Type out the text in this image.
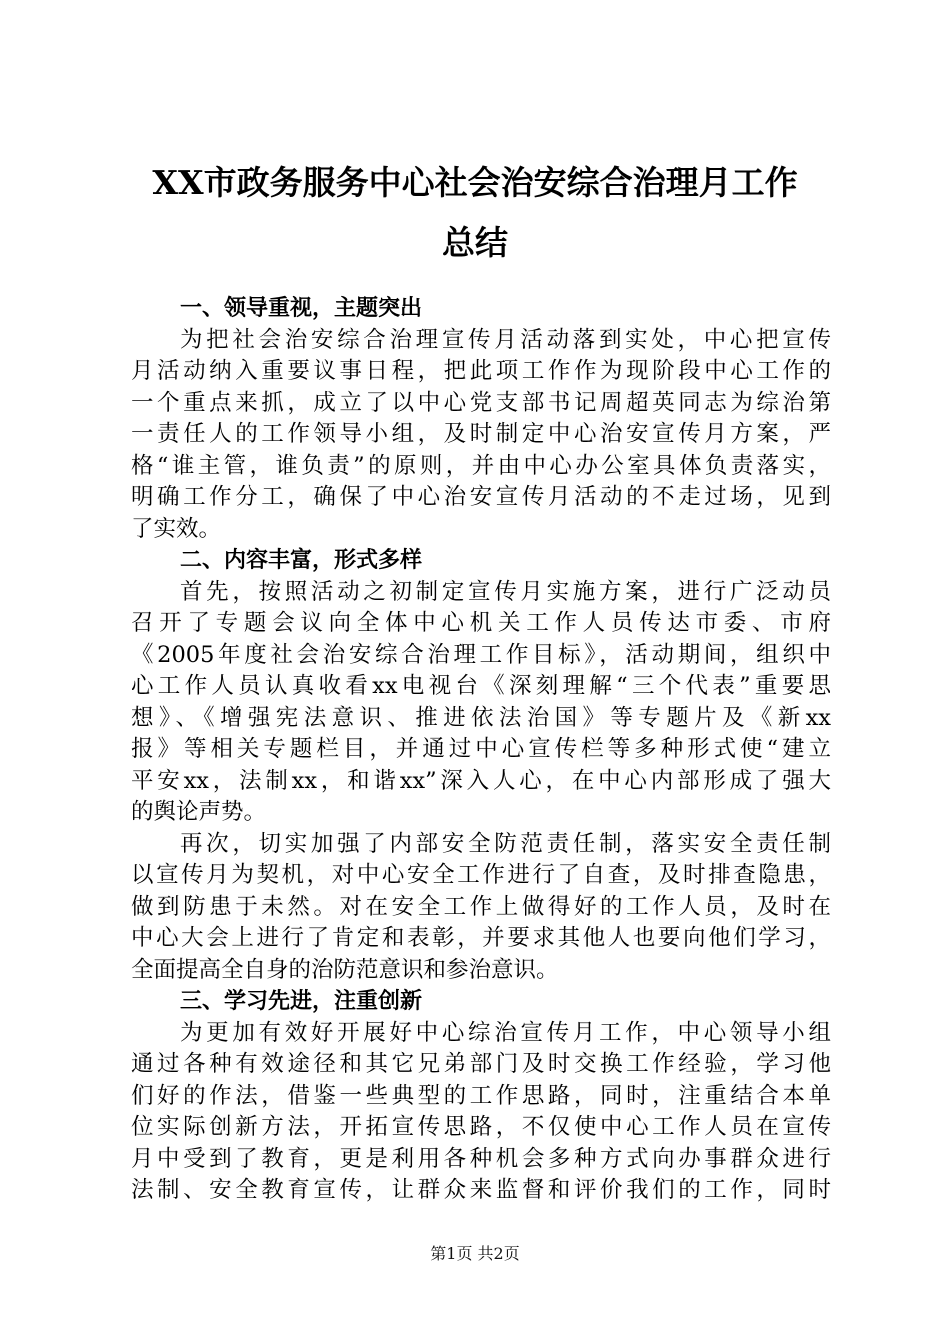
XX市政务服务中心社会治安综合治理月工作
总结
一、领导重视，主题突出
为把社会治安综合治理宣传月活动落到实处，中心把宣传
月活动纳入重要议事日程，把此项工作作为现阶段中心工作的
一个重点来抓，成立了以中心党支部书记周超英同志为综治第
一责任人的工作领导小组，及时制定中心治安宣传月方案，严
格“谁主管，谁负责”的原则，并由中心办公室具体负责落实，
明确工作分工，确保了中心治安宣传月活动的不走过场，见到
了实效。
二、内容丰富，形式多样
首先，按照活动之初制定宣传月实施方案，进行广泛动员
召开了专题会议向全体中心机关工作人员传达市委、市府
《2005年度社会治安综合治理工作目标》，活动期间，组织中
心工作人员认真收看xx电视台《深刻理解“三个代表”重要思
想》、《增强宪法意识、推进依法治国》等专题片及《新xx
报》等相关专题栏目，并通过中心宣传栏等多种形式使“建立
平安xx，法制xx，和谐xx”深入人心，在中心内部形成了强大
的舆论声势。
再次，切实加强了内部安全防范责任制，落实安全责任制
以宣传月为契机，对中心安全工作进行了自查，及时排查隐患，
做到防患于未然。对在安全工作上做得好的工作人员，及时在
中心大会上进行了肯定和表彰，并要求其他人也要向他们学习，
全面提高全自身的治防范意识和参治意识。
三、学习先进，注重创新
为更加有效好开展好中心综治宣传月工作，中心领导小组
通过各种有效途径和其它兄弟部门及时交换工作经验，学习他
们好的作法，借鉴一些典型的工作思路，同时，注重结合本单
位实际创新方法，开拓宣传思路，不仅使中心工作人员在宣传
月中受到了教育，更是利用各种机会多种方式向办事群众进行
法制、安全教育宣传，让群众来监督和评价我们的工作，同时
第1页 共2页
